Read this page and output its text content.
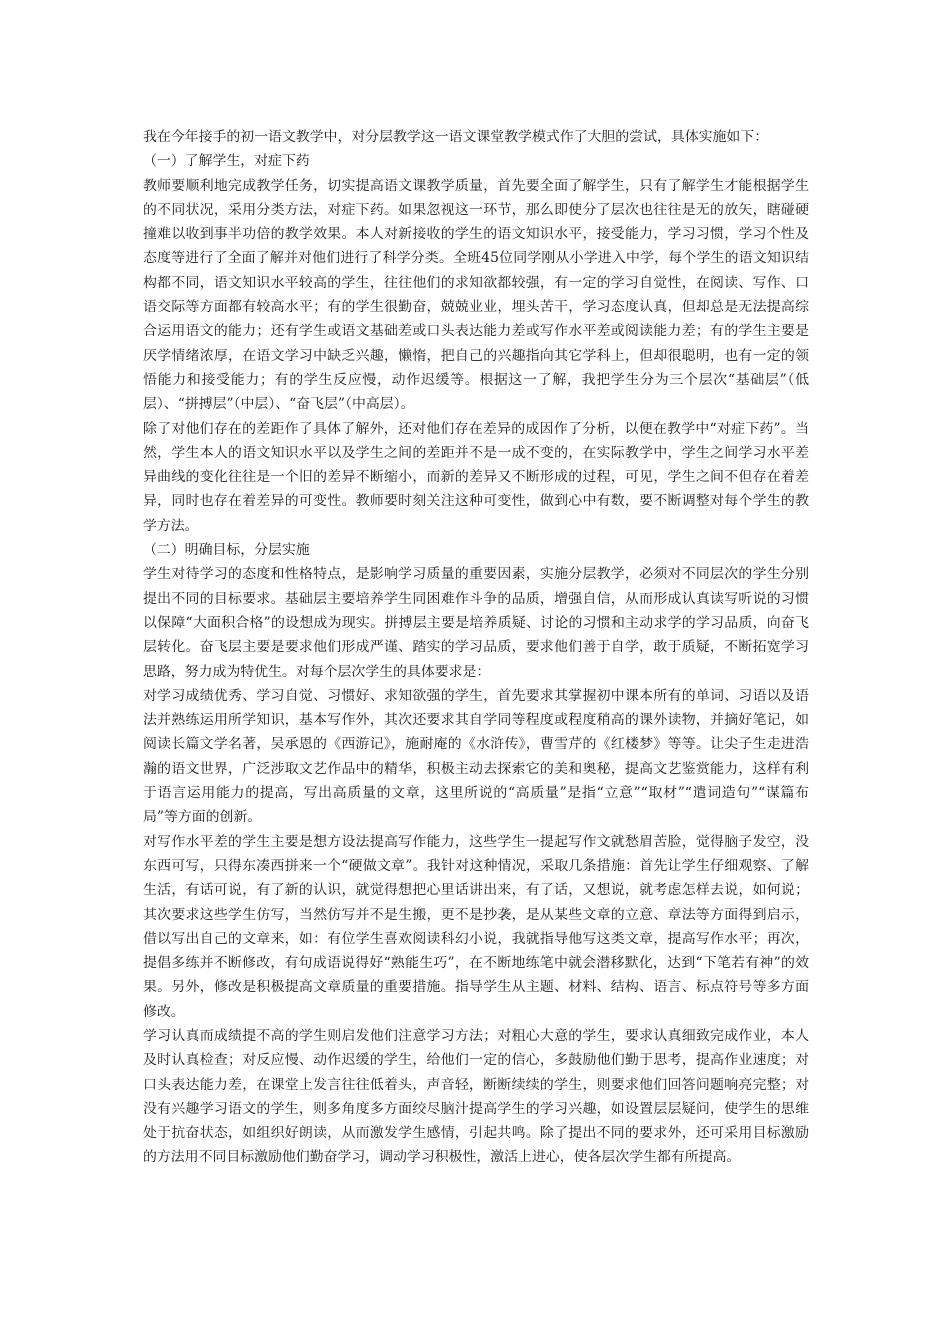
我在今年接手的初一语文教学中，对分层教学这一语文课堂教学模式作了大胆的尝试，具体实施如下：

（一）了解学生，对症下药

教师要顺利地完成教学任务，切实提高语文课教学质量，首先要全面了解学生，只有了解学生才能根据学生的不同状况，采用分类方法，对症下药。如果忽视这一环节，那么即使分了层次也往往是无的放矢，瞎碰硬撞难以收到事半功倍的教学效果。本人对新接收的学生的语文知识水平，接受能力，学习习惯，学习个性及态度等进行了全面了解并对他们进行了科学分类。全班45位同学刚从小学进入中学，每个学生的语文知识结构都不同，语文知识水平较高的学生，往往他们的求知欲都较强，有一定的学习自觉性，在阅读、写作、口语交际等方面都有较高水平；有的学生很勤奋，兢兢业业，埋头苦干，学习态度认真，但却总是无法提高综合运用语文的能力；还有学生或语文基础差或口头表达能力差或写作水平差或阅读能力差；有的学生主要是厌学情绪浓厚，在语文学习中缺乏兴趣，懒惰，把自己的兴趣指向其它学科上，但却很聪明，也有一定的领悟能力和接受能力；有的学生反应慢，动作迟缓等。根据这一了解，我把学生分为三个层次“基础层”（低层）、“拼搏层”（中层）、“奋飞层”（中高层）。

除了对他们存在的差距作了具体了解外，还对他们存在差异的成因作了分析，以便在教学中“对症下药”。当然，学生本人的语文知识水平以及学生之间的差距并不是一成不变的，在实际教学中，学生之间学习水平差异曲线的变化往往是一个旧的差异不断缩小，而新的差异又不断形成的过程，可见，学生之间不但存在着差异，同时也存在着差异的可变性。教师要时刻关注这种可变性，做到心中有数，要不断调整对每个学生的教学方法。

（二）明确目标，分层实施

学生对待学习的态度和性格特点，是影响学习质量的重要因素，实施分层教学，必须对不同层次的学生分别提出不同的目标要求。基础层主要培养学生同困难作斗争的品质，增强自信，从而形成认真读写听说的习惯以保障“大面积合格”的设想成为现实。拼搏层主要是培养质疑、讨论的习惯和主动求学的学习品质，向奋飞层转化。奋飞层主要是要求他们形成严谨、踏实的学习品质，要求他们善于自学，敢于质疑，不断拓宽学习思路，努力成为特优生。对每个层次学生的具体要求是：

对学习成绩优秀、学习自觉、习惯好、求知欲强的学生，首先要求其掌握初中课本所有的单词、习语以及语法并熟练运用所学知识，基本写作外，其次还要求其自学同等程度或程度稍高的课外读物，并摘好笔记，如阅读长篇文学名著，吴承恩的《西游记》，施耐庵的《水浒传》，曹雪芹的《红楼梦》等等。让尖子生走进浩瀚的语文世界，广泛涉取文艺作品中的精华，积极主动去探索它的美和奥秘，提高文艺鉴赏能力，这样有利于语言运用能力的提高，写出高质量的文章，这里所说的“高质量”是指“立意”“取材”“遣词造句”“谋篇布局”等方面的创新。

对写作水平差的学生主要是想方设法提高写作能力，这些学生一提起写作文就愁眉苦脸，觉得脑子发空，没东西可写，只得东凑西拼来一个“硬做文章”。我针对这种情况，采取几条措施：首先让学生仔细观察、了解生活，有话可说，有了新的认识，就觉得想把心里话讲出来，有了话，又想说，就考虑怎样去说，如何说；其次要求这些学生仿写，当然仿写并不是生搬，更不是抄袭，是从某些文章的立意、章法等方面得到启示，借以写出自己的文章来，如：有位学生喜欢阅读科幻小说，我就指导他写这类文章，提高写作水平；再次，提倡多练并不断修改，有句成语说得好“熟能生巧”，在不断地练笔中就会潜移默化，达到“下笔若有神”的效果。另外，修改是积极提高文章质量的重要措施。指导学生从主题、材料、结构、语言、标点符号等多方面修改。

学习认真而成绩提不高的学生则启发他们注意学习方法；对粗心大意的学生，要求认真细致完成作业，本人及时认真检查；对反应慢、动作迟缓的学生，给他们一定的信心，多鼓励他们勤于思考，提高作业速度；对口头表达能力差，在课堂上发言往往低着头，声音轻，断断续续的学生，则要求他们回答问题响亮完整；对没有兴趣学习语文的学生，则多角度多方面绞尽脑汁提高学生的学习兴趣，如设置层层疑问，使学生的思维处于抗奋状态，如组织好朗读，从而激发学生感情，引起共鸣。除了提出不同的要求外，还可采用目标激励的方法用不同目标激励他们勤奋学习，调动学习积极性，激活上进心，使各层次学生都有所提高。
